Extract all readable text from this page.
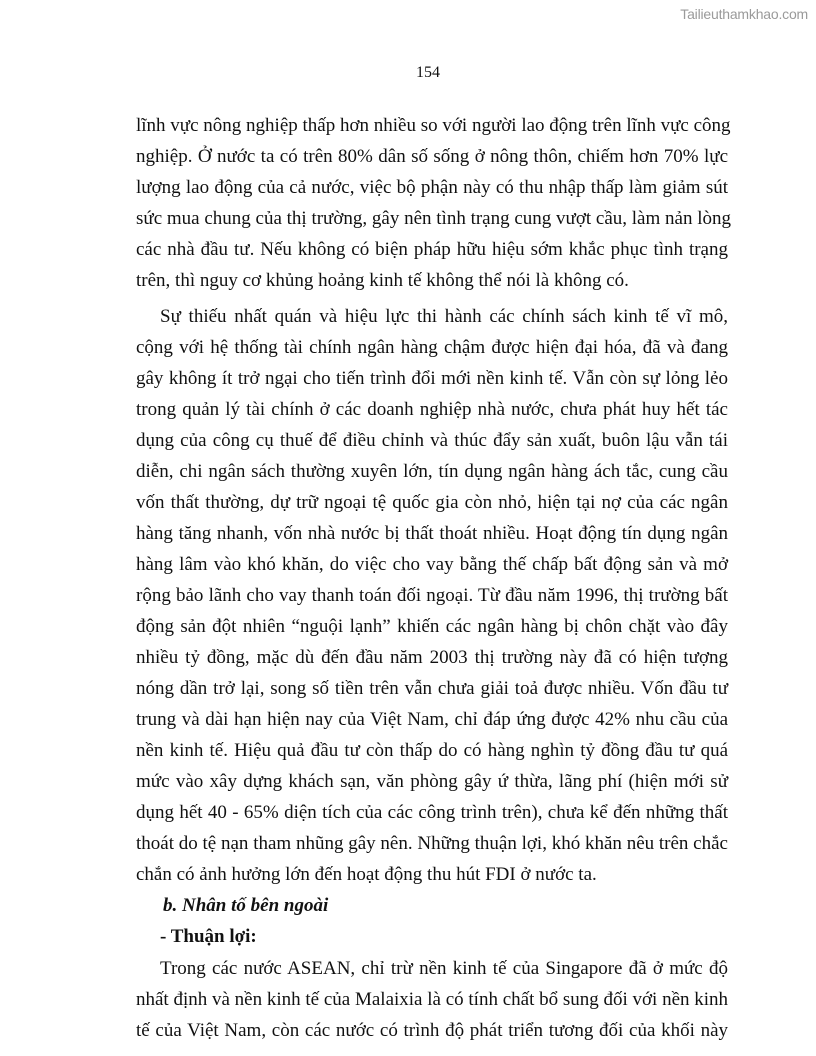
Tailieuthamkhao.com
154
lĩnh vực nông nghiệp thấp hơn nhiều so với người lao động trên lĩnh vực công
nghiệp. Ở nước ta có trên 80% dân số sống ở nông thôn, chiếm hơn 70% lực
lượng lao động của cả nước, việc bộ phận này có thu nhập thấp làm giảm sút
sức mua chung của thị trường, gây nên tình trạng cung vượt cầu, làm nản lòng
các nhà đầu tư. Nếu không có biện pháp hữu hiệu sớm khắc phục tình trạng
trên, thì nguy cơ khủng hoảng kinh tế không thể nói là không có.
Sự thiếu nhất quán và hiệu lực thi hành các chính sách kinh tế vĩ mô,
cộng với hệ thống tài chính ngân hàng chậm được hiện đại hóa, đã và đang
gây không ít trở ngại cho tiến trình đổi mới nền kinh tế. Vẫn còn sự lỏng lẻo
trong quản lý tài chính ở các doanh nghiệp nhà nước, chưa phát huy hết tác
dụng của công cụ thuế để điều chỉnh và thúc đẩy sản xuất, buôn lậu vẫn tái
diễn, chi ngân sách thường xuyên lớn, tín dụng ngân hàng ách tắc, cung cầu
vốn thất thường, dự trữ ngoại tệ quốc gia còn nhỏ, hiện tại nợ của các ngân
hàng tăng nhanh, vốn nhà nước bị thất thoát nhiều. Hoạt động tín dụng ngân
hàng lâm vào khó khăn, do việc cho vay bằng thế chấp bất động sản và mở
rộng bảo lãnh cho vay thanh toán đối ngoại. Từ đầu năm 1996, thị trường bất
động sản đột nhiên “nguội lạnh” khiến các ngân hàng bị chôn chặt vào đây
nhiều tỷ đồng, mặc dù đến đầu năm 2003 thị trường này đã có hiện tượng
nóng dần trở lại, song số tiền trên vẫn chưa giải toả được nhiều. Vốn đầu tư
trung và dài hạn hiện nay của Việt Nam, chỉ đáp ứng được 42% nhu cầu của
nền kinh tế. Hiệu quả đầu tư còn thấp do có hàng nghìn tỷ đồng đầu tư quá
mức vào xây dựng khách sạn, văn phòng gây ứ thừa, lãng phí (hiện mới sử
dụng hết 40 - 65% diện tích của các công trình trên), chưa kể đến những thất
thoát do tệ nạn tham nhũng gây nên. Những thuận lợi, khó khăn nêu trên chắc
chắn có ảnh hưởng lớn đến hoạt động thu hút FDI ở nước ta.
b. Nhân tố bên ngoài
- Thuận lợi:
Trong các nước ASEAN, chỉ trừ nền kinh tế của Singapore đã ở mức độ
nhất định và nền kinh tế của Malaixia là có tính chất bổ sung đối với nền kinh
tế của Việt Nam, còn các nước có trình độ phát triển tương đối của khối này
